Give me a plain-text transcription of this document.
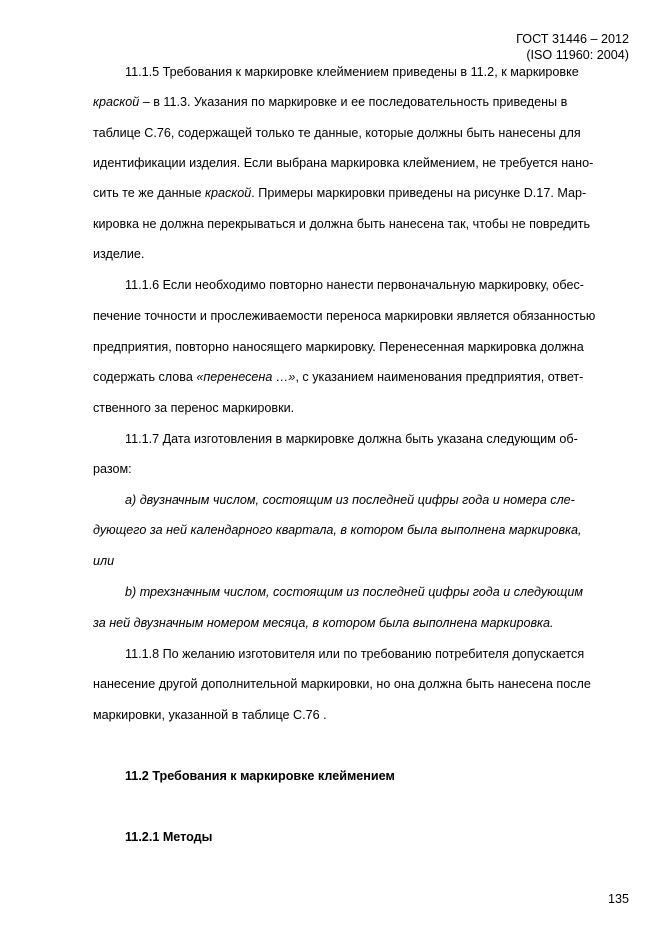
ГОСТ 31446 – 2012
(ISO 11960: 2004)
11.1.5 Требования к маркировке клеймением приведены в 11.2, к маркировке
краской – в 11.3. Указания по маркировке и ее последовательность приведены в
таблице C.76, содержащей только те данные, которые должны быть нанесены для
идентификации изделия. Если выбрана маркировка клеймением, не требуется нано-
сить те же данные краской. Примеры маркировки приведены на рисунке D.17. Мар-
кировка не должна перекрываться и должна быть нанесена так, чтобы не повредить
изделие.
11.1.6 Если необходимо повторно нанести первоначальную маркировку, обес-
печение точности и прослеживаемости переноса маркировки является обязанностью
предприятия, повторно наносящего маркировку. Перенесенная маркировка должна
содержать слова «перенесена …», с указанием наименования предприятия, ответ-
ственного за перенос маркировки.
11.1.7 Дата изготовления в маркировке должна быть указана следующим об-
разом:
a) двузначным числом, состоящим из последней цифры года и номера сле-
дующего за ней календарного квартала, в котором была выполнена маркировка,
или
b) трехзначным числом, состоящим из последней цифры года и следующим
за ней двузначным номером месяца, в котором была выполнена маркировка.
11.1.8 По желанию изготовителя или по требованию потребителя допускается
нанесение другой дополнительной маркировки, но она должна быть нанесена после
маркировки, указанной в таблице C.76 .
11.2 Требования к маркировке клеймением
11.2.1 Методы
135
